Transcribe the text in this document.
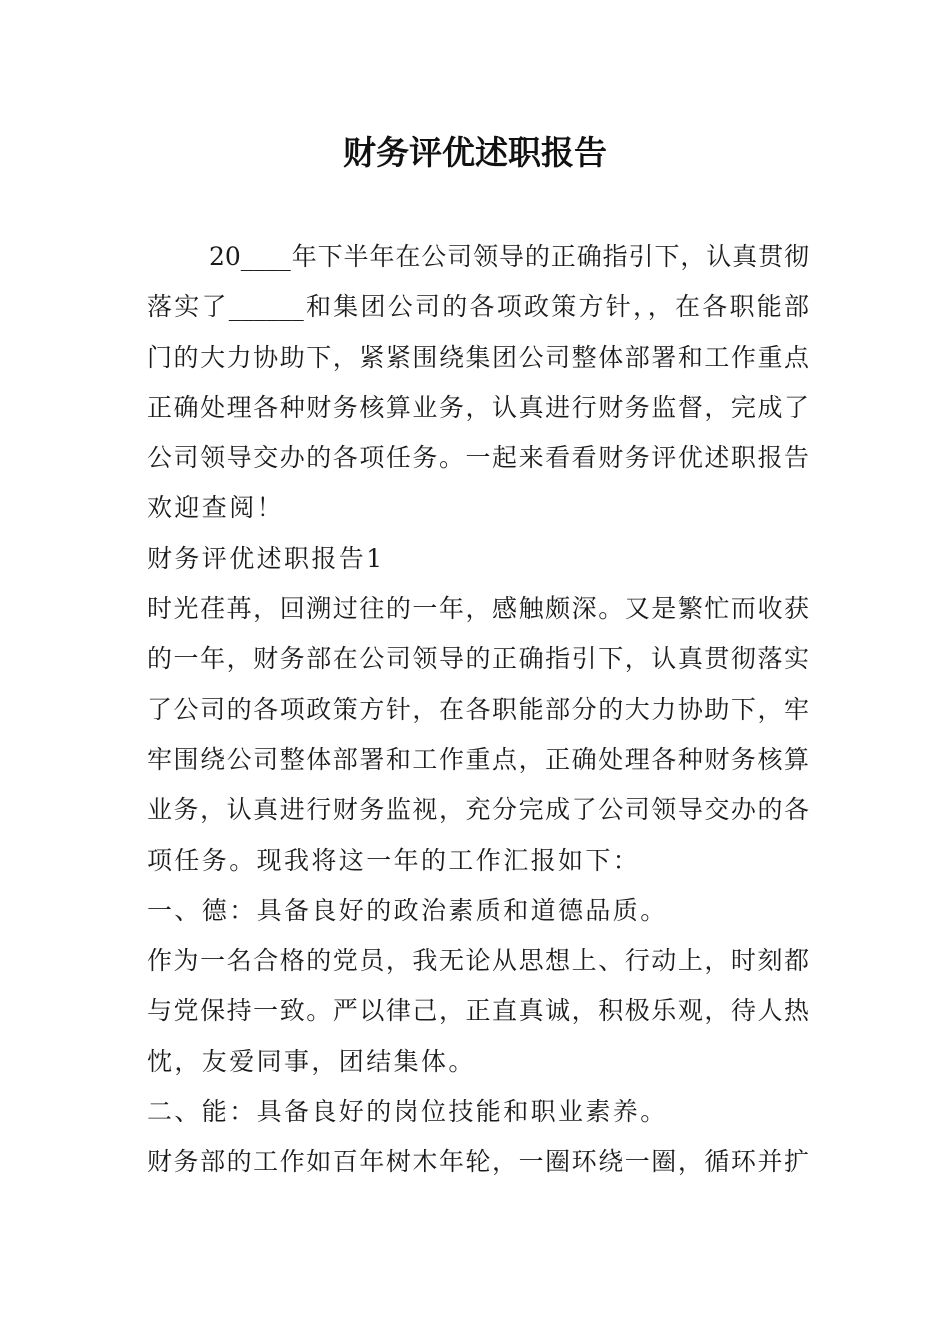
财务评优述职报告
20____年下半年在公司领导的正确指引下，认真贯彻
落实了______和集团公司的各项政策方针，，在各职能部
门的大力协助下，紧紧围绕集团公司整体部署和工作重点
正确处理各种财务核算业务，认真进行财务监督，完成了
公司领导交办的各项任务。一起来看看财务评优述职报告
欢迎查阅！
财务评优述职报告1
时光荏苒，回溯过往的一年，感触颇深。又是繁忙而收获
的一年，财务部在公司领导的正确指引下，认真贯彻落实
了公司的各项政策方针，在各职能部分的大力协助下，牢
牢围绕公司整体部署和工作重点，正确处理各种财务核算
业务，认真进行财务监视，充分完成了公司领导交办的各
项任务。现我将这一年的工作汇报如下：
一、德：具备良好的政治素质和道德品质。
作为一名合格的党员，我无论从思想上、行动上，时刻都
与党保持一致。严以律己，正直真诚，积极乐观，待人热
忱，友爱同事，团结集体。
二、能：具备良好的岗位技能和职业素养。
财务部的工作如百年树木年轮，一圈环绕一圈，循环并扩
